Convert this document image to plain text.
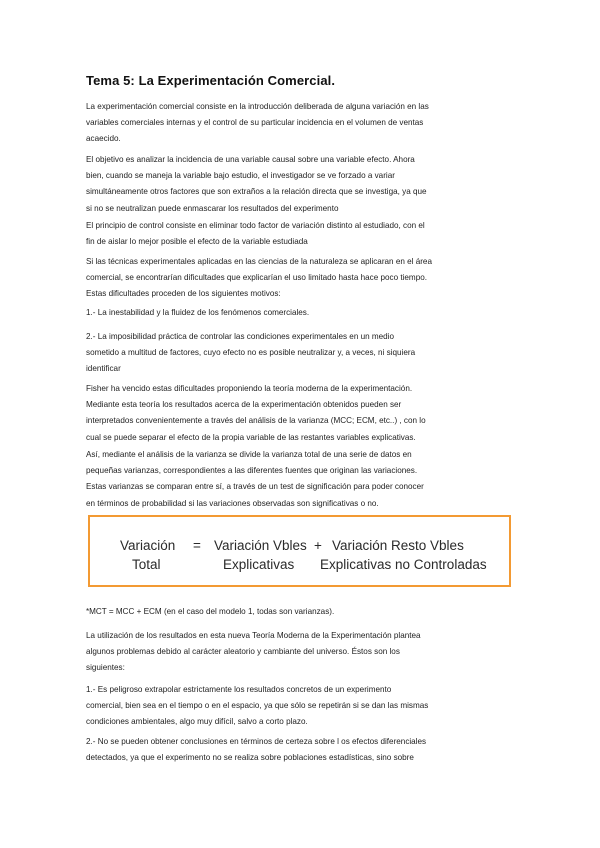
Tema 5: La Experimentación Comercial.
La experimentación comercial consiste en la introducción deliberada de alguna variación en las
variables comerciales internas y el control de su particular incidencia en el volumen de ventas
acaecido.
El objetivo es analizar la incidencia de una variable causal sobre una variable efecto. Ahora
bien, cuando se maneja la variable bajo estudio, el investigador se ve forzado a variar
simultáneamente otros factores que son extraños a la relación directa que se investiga, ya que
si no se neutralizan puede enmascarar los resultados del experimento
El principio de control consiste en eliminar todo factor de variación distinto al estudiado, con el
fin de aislar lo mejor posible el efecto de la variable estudiada
Si las técnicas experimentales aplicadas en las ciencias de la naturaleza se aplicaran en el área
comercial, se encontrarían dificultades que explicarían el uso limitado hasta hace poco tiempo.
Estas dificultades proceden de los siguientes motivos:
1.- La inestabilidad y la fluidez de los fenómenos comerciales.
2.- La imposibilidad práctica de controlar las condiciones experimentales en un medio
sometido a multitud de factores, cuyo efecto no es posible neutralizar y, a veces, ni siquiera
identificar
Fisher ha vencido estas dificultades proponiendo la teoría moderna de la experimentación.
Mediante esta teoría los resultados acerca de la experimentación obtenidos pueden ser
interpretados convenientemente a través del análisis de la varianza (MCC; ECM, etc..) , con lo
cual se puede separar el efecto de la propia variable de las restantes variables explicativas.
Así, mediante el análisis de la varianza se divide la varianza total de una serie de datos en
pequeñas varianzas, correspondientes a las diferentes fuentes que originan las variaciones.
Estas varianzas se comparan entre sí, a través de un test de significación para poder conocer
en términos de probabilidad si las variaciones observadas son significativas o no.
Variación
Total
= Variación Vbles
Explicativas
+ Variación Resto Vbles
Explicativas no Controladas
*MCT = MCC + ECM (en el caso del modelo 1, todas son varianzas).
La utilización de los resultados en esta nueva Teoría Moderna de la Experimentación plantea
algunos problemas debido al carácter aleatorio y cambiante del universo. Éstos son los
siguientes:
1.- Es peligroso extrapolar estrictamente los resultados concretos de un experimento
comercial, bien sea en el tiempo o en el espacio, ya que sólo se repetirán si se dan las mismas
condiciones ambientales, algo muy difícil, salvo a corto plazo.
2.- No se pueden obtener conclusiones en términos de certeza sobre l os efectos diferenciales
detectados, ya que el experimento no se realiza sobre poblaciones estadísticas, sino sobre
